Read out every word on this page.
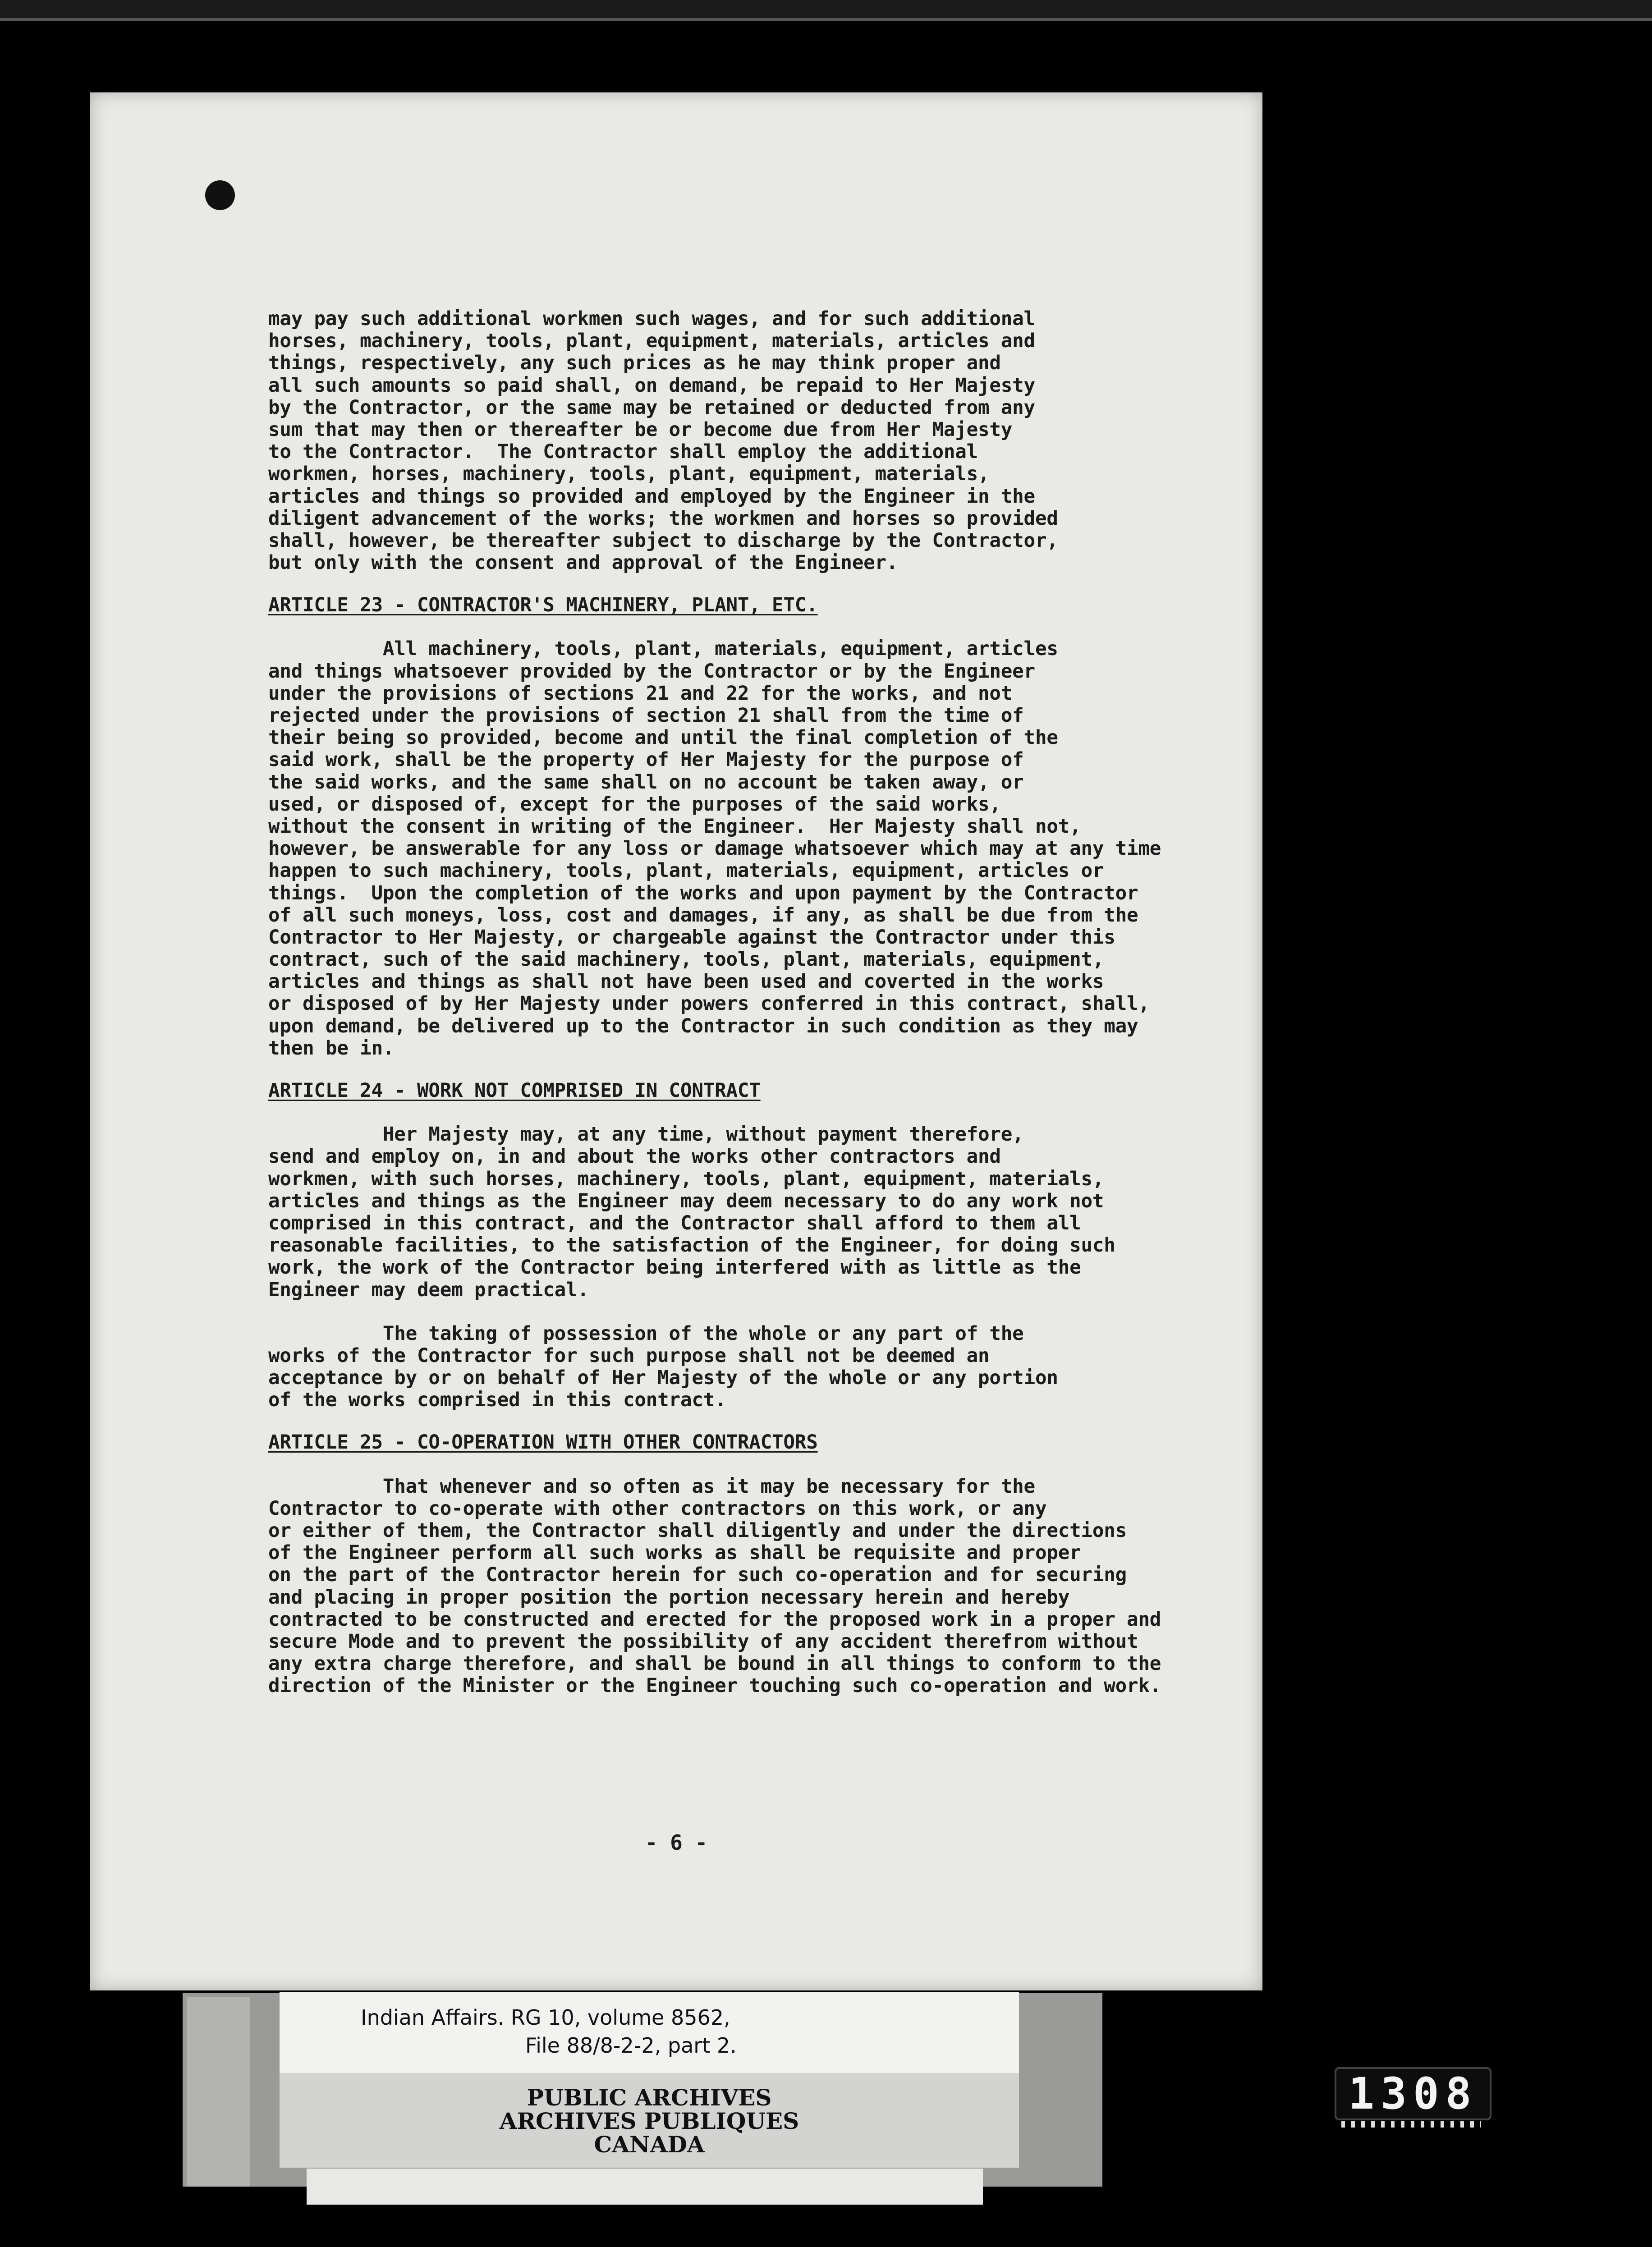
may pay such additional workmen such wages, and for such additional
horses, machinery, tools, plant, equipment, materials, articles and
things, respectively, any such prices as he may think proper and
all such amounts so paid shall, on demand, be repaid to Her Majesty
by the Contractor, or the same may be retained or deducted from any
sum that may then or thereafter be or become due from Her Majesty
to the Contractor.  The Contractor shall employ the additional
workmen, horses, machinery, tools, plant, equipment, materials,
articles and things so provided and employed by the Engineer in the
diligent advancement of the works; the workmen and horses so provided
shall, however, be thereafter subject to discharge by the Contractor,
but only with the consent and approval of the Engineer.
ARTICLE 23 - CONTRACTOR'S MACHINERY, PLANT, ETC.
All machinery, tools, plant, materials, equipment, articles
and things whatsoever provided by the Contractor or by the Engineer
under the provisions of sections 21 and 22 for the works, and not
rejected under the provisions of section 21 shall from the time of
their being so provided, become and until the final completion of the
said work, shall be the property of Her Majesty for the purpose of
the said works, and the same shall on no account be taken away, or
used, or disposed of, except for the purposes of the said works,
without the consent in writing of the Engineer.  Her Majesty shall not,
however, be answerable for any loss or damage whatsoever which may at any time
happen to such machinery, tools, plant, materials, equipment, articles or
things.  Upon the completion of the works and upon payment by the Contractor
of all such moneys, loss, cost and damages, if any, as shall be due from the
Contractor to Her Majesty, or chargeable against the Contractor under this
contract, such of the said machinery, tools, plant, materials, equipment,
articles and things as shall not have been used and coverted in the works
or disposed of by Her Majesty under powers conferred in this contract, shall,
upon demand, be delivered up to the Contractor in such condition as they may
then be in.
ARTICLE 24 - WORK NOT COMPRISED IN CONTRACT
Her Majesty may, at any time, without payment therefore,
send and employ on, in and about the works other contractors and
workmen, with such horses, machinery, tools, plant, equipment, materials,
articles and things as the Engineer may deem necessary to do any work not
comprised in this contract, and the Contractor shall afford to them all
reasonable facilities, to the satisfaction of the Engineer, for doing such
work, the work of the Contractor being interfered with as little as the
Engineer may deem practical.
The taking of possession of the whole or any part of the
works of the Contractor for such purpose shall not be deemed an
acceptance by or on behalf of Her Majesty of the whole or any portion
of the works comprised in this contract.
ARTICLE 25 - CO-OPERATION WITH OTHER CONTRACTORS
That whenever and so often as it may be necessary for the
Contractor to co-operate with other contractors on this work, or any
or either of them, the Contractor shall diligently and under the directions
of the Engineer perform all such works as shall be requisite and proper
on the part of the Contractor herein for such co-operation and for securing
and placing in proper position the portion necessary herein and hereby
contracted to be constructed and erected for the proposed work in a proper and
secure Mode and to prevent the possibility of any accident therefrom without
any extra charge therefore, and shall be bound in all things to conform to the
direction of the Minister or the Engineer touching such co-operation and work.
- 6 -
Indian Affairs. RG 10, volume 8562,
File 88/8-2-2, part 2.
PUBLIC ARCHIVES
ARCHIVES PUBLIQUES
CANADA
1308
